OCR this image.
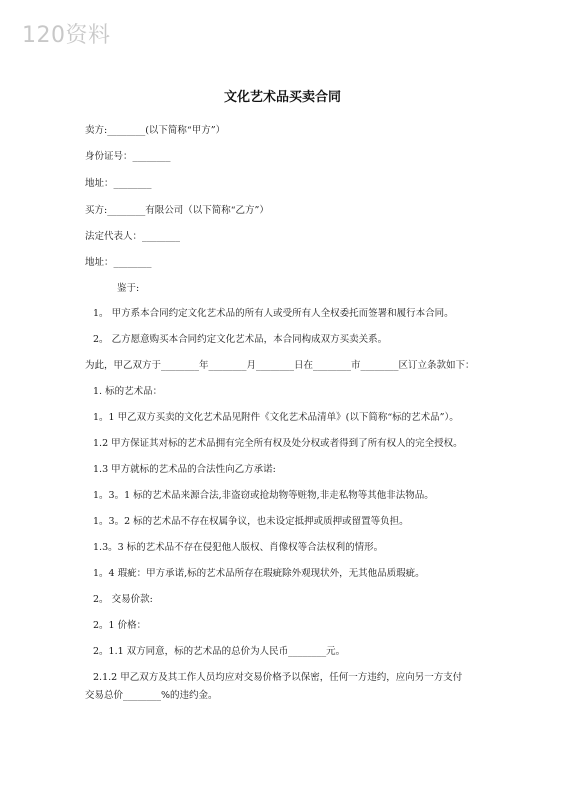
120资料
文化艺术品买卖合同
卖方:________(以下简称“甲方”）
身份证号：________
地址：________
买方:________有限公司（以下简称“乙方”）
法定代表人：________
地址：________
鉴于:
1。 甲方系本合同约定文化艺术品的所有人或受所有人全权委托而签署和履行本合同。
2。 乙方愿意购买本合同约定文化艺术品，本合同构成双方买卖关系。
为此，甲乙双方于________年________月________日在________市________区订立条款如下：
1. 标的艺术品：
1。1 甲乙双方买卖的文化艺术品见附件《文化艺术品清单》(以下简称“标的艺术品”）。
1.2 甲方保证其对标的艺术品拥有完全所有权及处分权或者得到了所有权人的完全授权。
1.3 甲方就标的艺术品的合法性向乙方承诺:
1。3。1 标的艺术品来源合法,非盗窃或抢劫物等赃物,非走私物等其他非法物品。
1。3。2 标的艺术品不存在权属争议，也未设定抵押或质押或留置等负担。
1.3。3 标的艺术品不存在侵犯他人版权、肖像权等合法权利的情形。
1。4 瑕疵：甲方承诺,标的艺术品所存在瑕疵除外观现状外，无其他品质瑕疵。
2。 交易价款:
2。1 价格：
2。1.1 双方同意，标的艺术品的总价为人民币________元。
2.1.2 甲乙双方及其工作人员均应对交易价格予以保密，任何一方违约，应向另一方支付
交易总价________%的违约金。
